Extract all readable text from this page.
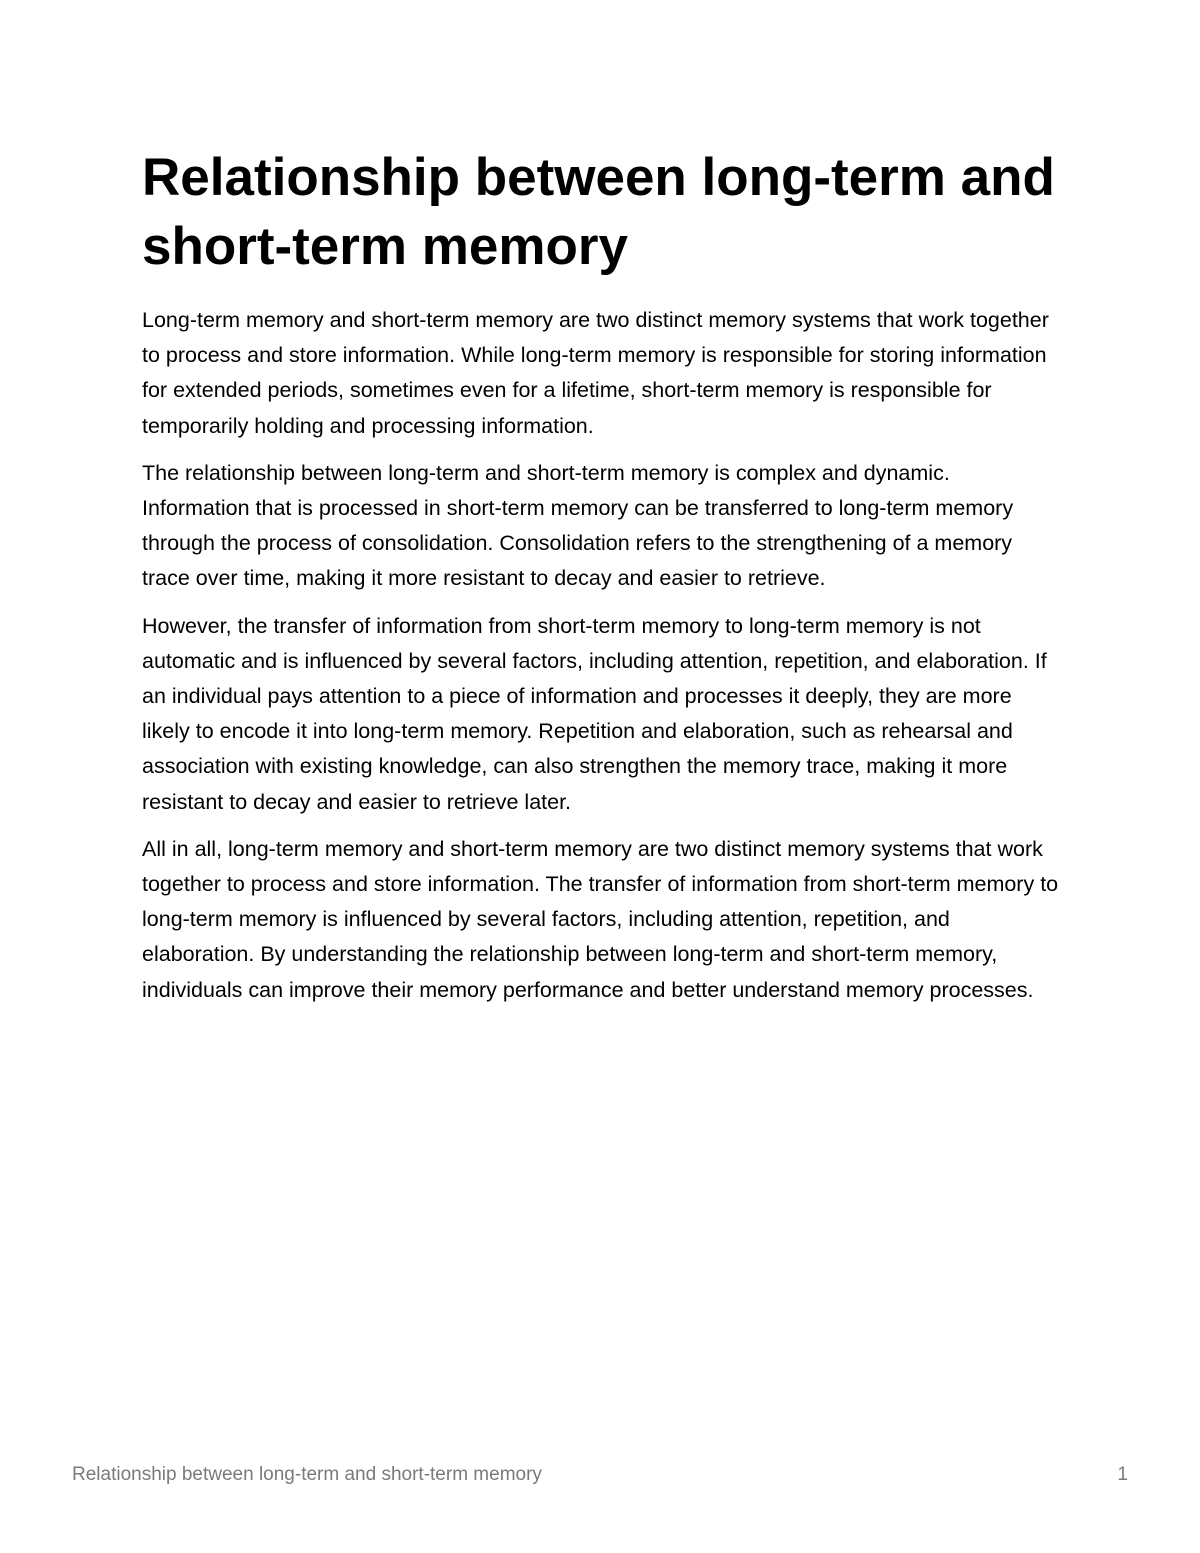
Relationship between long-term and short-term memory

Long-term memory and short-term memory are two distinct memory systems that work together to process and store information. While long-term memory is responsible for storing information for extended periods, sometimes even for a lifetime, short-term memory is responsible for temporarily holding and processing information.

The relationship between long-term and short-term memory is complex and dynamic. Information that is processed in short-term memory can be transferred to long-term memory through the process of consolidation. Consolidation refers to the strengthening of a memory trace over time, making it more resistant to decay and easier to retrieve.

However, the transfer of information from short-term memory to long-term memory is not automatic and is influenced by several factors, including attention, repetition, and elaboration. If an individual pays attention to a piece of information and processes it deeply, they are more likely to encode it into long-term memory. Repetition and elaboration, such as rehearsal and association with existing knowledge, can also strengthen the memory trace, making it more resistant to decay and easier to retrieve later.

All in all, long-term memory and short-term memory are two distinct memory systems that work together to process and store information. The transfer of information from short-term memory to long-term memory is influenced by several factors, including attention, repetition, and elaboration. By understanding the relationship between long-term and short-term memory, individuals can improve their memory performance and better understand memory processes.

Relationship between long-term and short-term memory	1
